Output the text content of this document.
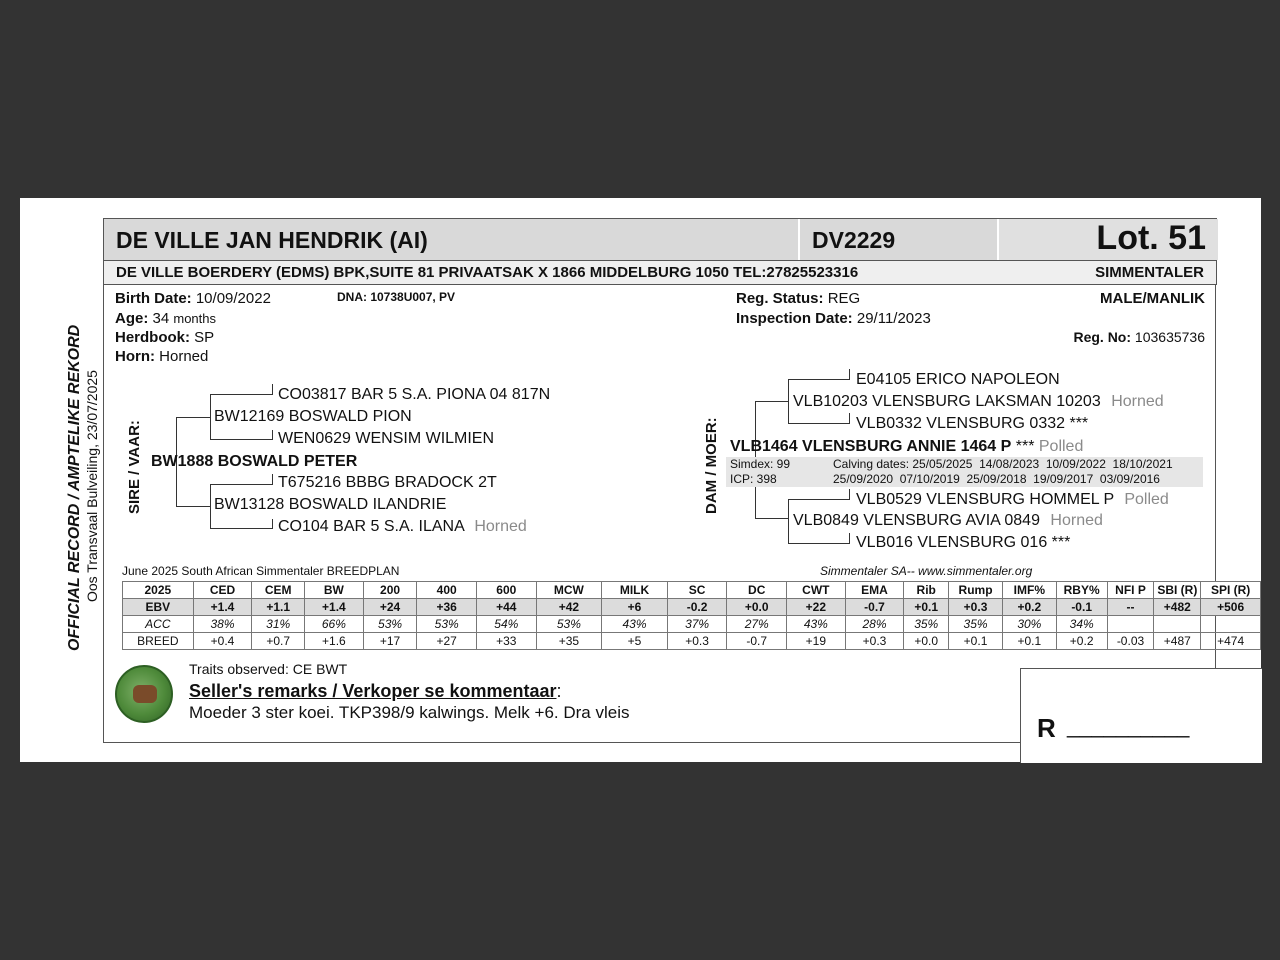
DE VILLE JAN HENDRIK (AI)	DV2229	Lot. 51
DE VILLE BOERDERY (EDMS) BPK,SUITE 81 PRIVAATSAK X 1866 MIDDELBURG 1050 TEL:27825523316	SIMMENTALER
OFFICIAL RECORD / AMPTELIKE REKORD Oos Transvaal Bulveiling, 23/07/2025
Birth Date: 10/09/2022	DNA: 10738U007, PV
Age: 34 months
Herdbook: SP
Horn: Horned
Reg. Status: REG
Inspection Date: 29/11/2023
MALE/MANLIK
Reg. No: 103635736
SIRE / VAAR:
CO03817 BAR 5 S.A. PIONA 04 817N
BW12169 BOSWALD PION
WEN0629 WENSIM WILMIEN
BW1888 BOSWALD PETER
T675216 BBBG BRADOCK 2T
BW13128 BOSWALD ILANDRIE
CO104 BAR 5 S.A. ILANA Horned
DAM / MOER:
E04105 ERICO NAPOLEON
VLB10203 VLENSBURG LAKSMAN 10203 Horned
VLB0332 VLENSBURG 0332 ***
VLB1464 VLENSBURG ANNIE 1464 P *** Polled
Simdex: 99
ICP: 398
Calving dates: 25/05/2025  14/08/2023  10/09/2022  18/10/2021
25/09/2020  07/10/2019  25/09/2018  19/09/2017  03/09/2016
VLB0529 VLENSBURG HOMMEL P Polled
VLB0849 VLENSBURG AVIA 0849 Horned
VLB016 VLENSBURG 016 ***
June 2025 South African Simmentaler BREEDPLAN	Simmentaler SA-- www.simmentaler.org
2025	CED	CEM	BW	200	400	600	MCW	MILK	SC	DC	CWT	EMA	Rib	Rump	IMF%	RBY%	NFI P	SBI (R)	SPI (R)
EBV	+1.4	+1.1	+1.4	+24	+36	+44	+42	+6	-0.2	+0.0	+22	-0.7	+0.1	+0.3	+0.2	-0.1	--	+482	+506
ACC	38%	31%	66%	53%	53%	54%	53%	43%	37%	27%	43%	28%	35%	35%	30%	34%			
BREED	+0.4	+0.7	+1.6	+17	+27	+33	+35	+5	+0.3	-0.7	+19	+0.3	+0.0	+0.1	+0.1	+0.2	-0.03	+487	+474
Traits observed: CE BWT
Seller's remarks / Verkoper se kommentaar:
Moeder 3 ster koei. TKP398/9 kalwings. Melk +6. Dra vleis
R __________
